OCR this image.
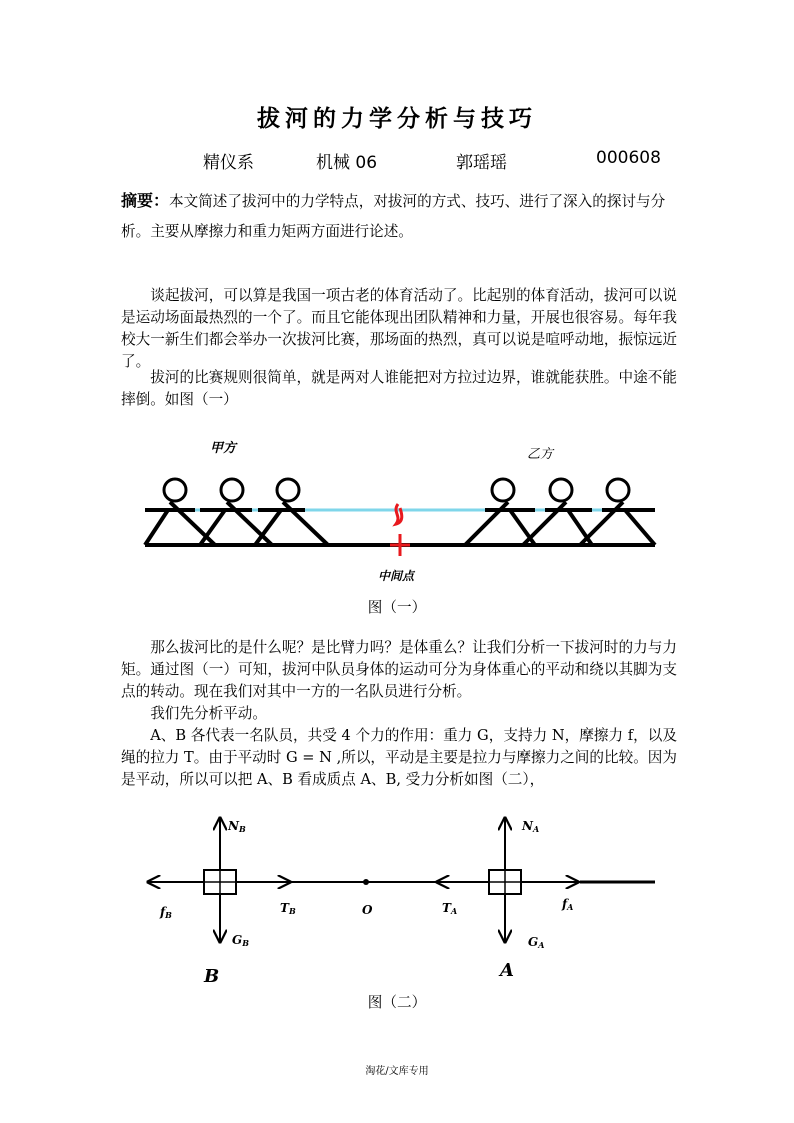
拔河的力学分析与技巧
精仪系	机械 06	郭瑶瑶	000608
摘要：本文简述了拔河中的力学特点，对拔河的方式、技巧、进行了深入的探讨与分析。主要从摩擦力和重力矩两方面进行论述。

谈起拔河，可以算是我国一项古老的体育活动了。比起别的体育活动，拔河可以说是运动场面最热烈的一个了。而且它能体现出团队精神和力量，开展也很容易。每年我校大一新生们都会举办一次拔河比赛，那场面的热烈，真可以说是喧呼动地，振惊远近了。

拔河的比赛规则很简单，就是两对人谁能把对方拉过边界，谁就能获胜。中途不能摔倒。如图（一）

甲方	乙方
中间点
图（一）

那么拔河比的是什么呢？是比臂力吗？是体重么？让我们分析一下拔河时的力与力矩。通过图（一）可知，拔河中队员身体的运动可分为身体重心的平动和绕以其脚为支点的转动。现在我们对其中一方的一名队员进行分析。

我们先分析平动。

A、B 各代表一名队员，共受 4 个力的作用：重力 G，支持力 N，摩擦力 f，以及绳的拉力 T。由于平动时 G = N ,所以，平动是主要是拉力与摩擦力之间的比较。因为是平动，所以可以把 A、B 看成质点 A、B, 受力分析如图（二），

NB	NA
fB	TB	O	TA	fA
GB	GA
B	A
图（二）
淘花/文库专用
